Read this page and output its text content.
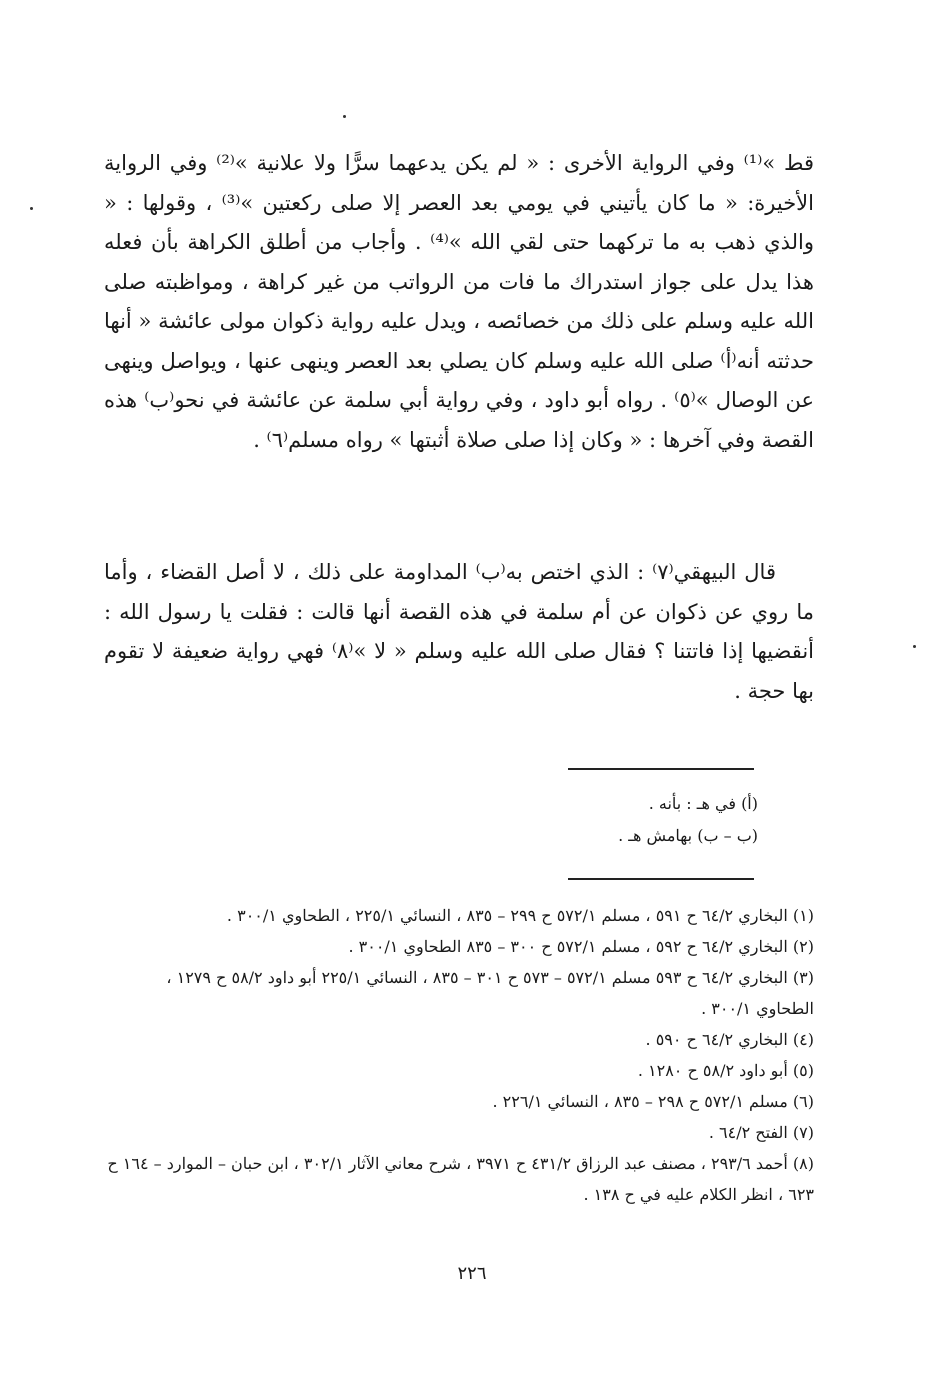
قط »⁽¹⁾ وفي الرواية الأخرى : « لم يكن يدعهما سرًّا ولا علانية »⁽²⁾ وفي الرواية الأخيرة: « ما كان يأتيني في يومي بعد العصر إلا صلى ركعتين »⁽³⁾ ، وقولها : « والذي ذهب به ما تركهما حتى لقي الله »⁽⁴⁾ . وأجاب من أطلق الكراهة بأن فعله هذا يدل على جواز استدراك ما فات من الرواتب من غير كراهة ، ومواظبته صلى الله عليه وسلم على ذلك من خصائصه ، ويدل عليه رواية ذكوان مولى عائشة « أنها حدثته أنه⁽أ⁾ صلى الله عليه وسلم كان يصلي بعد العصر وينهى عنها ، ويواصل وينهى عن الوصال »⁽٥⁾ . رواه أبو داود ، وفي رواية أبي سلمة عن عائشة في نحو⁽ب⁾ هذه القصة وفي آخرها : « وكان إذا صلى صلاة أثبتها » رواه مسلم⁽٦⁾ .
قال البيهقي⁽٧⁾ : الذي اختص به⁽ب⁾ المداومة على ذلك ، لا أصل القضاء ، وأما ما روي عن ذكوان عن أم سلمة في هذه القصة أنها قالت : فقلت يا رسول الله : أنقضيها إذا فاتتنا ؟ فقال صلى الله عليه وسلم « لا »⁽٨⁾ فهي رواية ضعيفة لا تقوم بها حجة .
(أ) في هـ : بأنه .
(ب – ب) بهامش هـ .
(١) البخاري ٦٤/٢ ح ٥٩١ ، مسلم ٥٧٢/١ ح ٢٩٩ – ٨٣٥ ، النسائي ٢٢٥/١ ، الطحاوي ٣٠٠/١ .
(٢) البخاري ٦٤/٢ ح ٥٩٢ ، مسلم ٥٧٢/١ ح ٣٠٠ – ٨٣٥ الطحاوي ٣٠٠/١ .
(٣) البخاري ٦٤/٢ ح ٥٩٣ مسلم ٥٧٢/١ – ٥٧٣ ح ٣٠١ – ٨٣٥ ، النسائي ٢٢٥/١ أبو داود ٥٨/٢ ح ١٢٧٩ ، الطحاوي ٣٠٠/١ .
(٤) البخاري ٦٤/٢ ح ٥٩٠ .
(٥) أبو داود ٥٨/٢ ح ١٢٨٠ .
(٦) مسلم ٥٧٢/١ ح ٢٩٨ – ٨٣٥ ، النسائي ٢٢٦/١ .
(٧) الفتح ٦٤/٢ .
(٨) أحمد ٢٩٣/٦ ، مصنف عبد الرزاق ٤٣١/٢ ح ٣٩٧١ ، شرح معاني الآثار ٣٠٢/١ ، ابن حبان – الموارد – ١٦٤ ح ٦٢٣ ، انظر الكلام عليه في ح ١٣٨ .
٢٢٦
